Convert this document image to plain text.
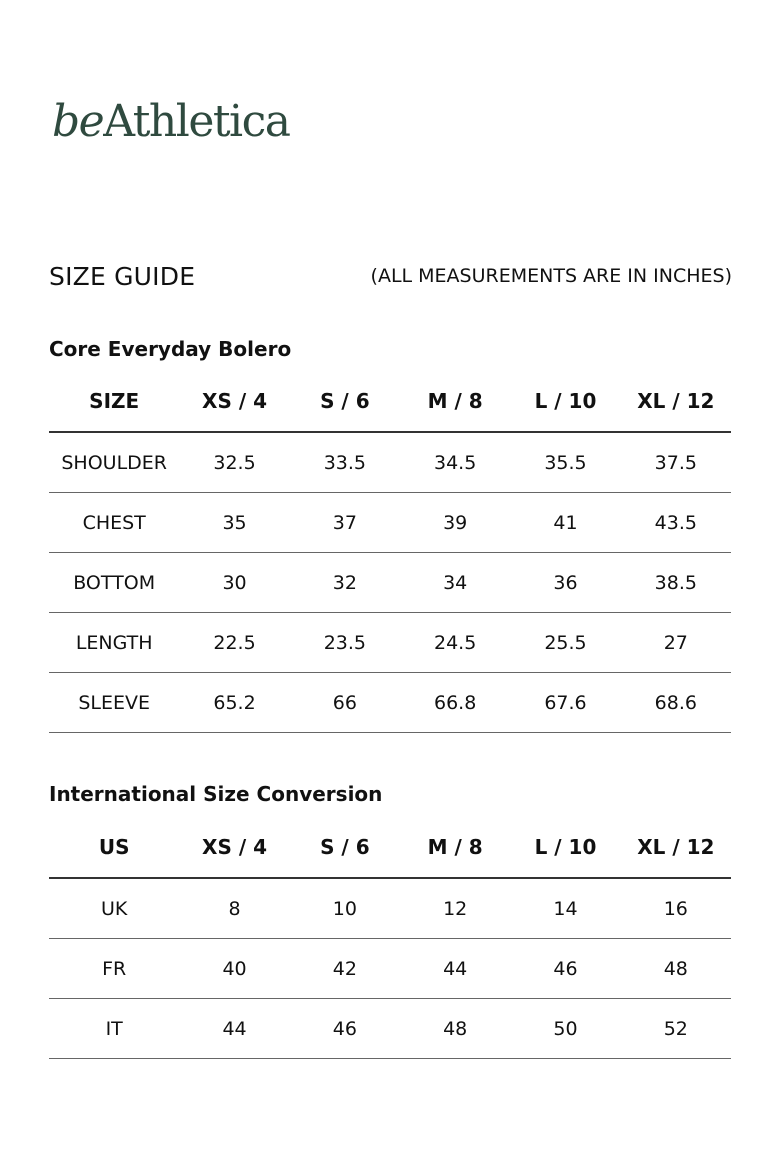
beAthletica
SIZE GUIDE	(ALL MEASUREMENTS ARE IN INCHES)
Core Everyday Bolero
SIZE	XS / 4	S / 6	M / 8	L / 10	XL / 12
SHOULDER	32.5	33.5	34.5	35.5	37.5
CHEST	35	37	39	41	43.5
BOTTOM	30	32	34	36	38.5
LENGTH	22.5	23.5	24.5	25.5	27
SLEEVE	65.2	66	66.8	67.6	68.6
International Size Conversion
US	XS / 4	S / 6	M / 8	L / 10	XL / 12
UK	8	10	12	14	16
FR	40	42	44	46	48
IT	44	46	48	50	52
